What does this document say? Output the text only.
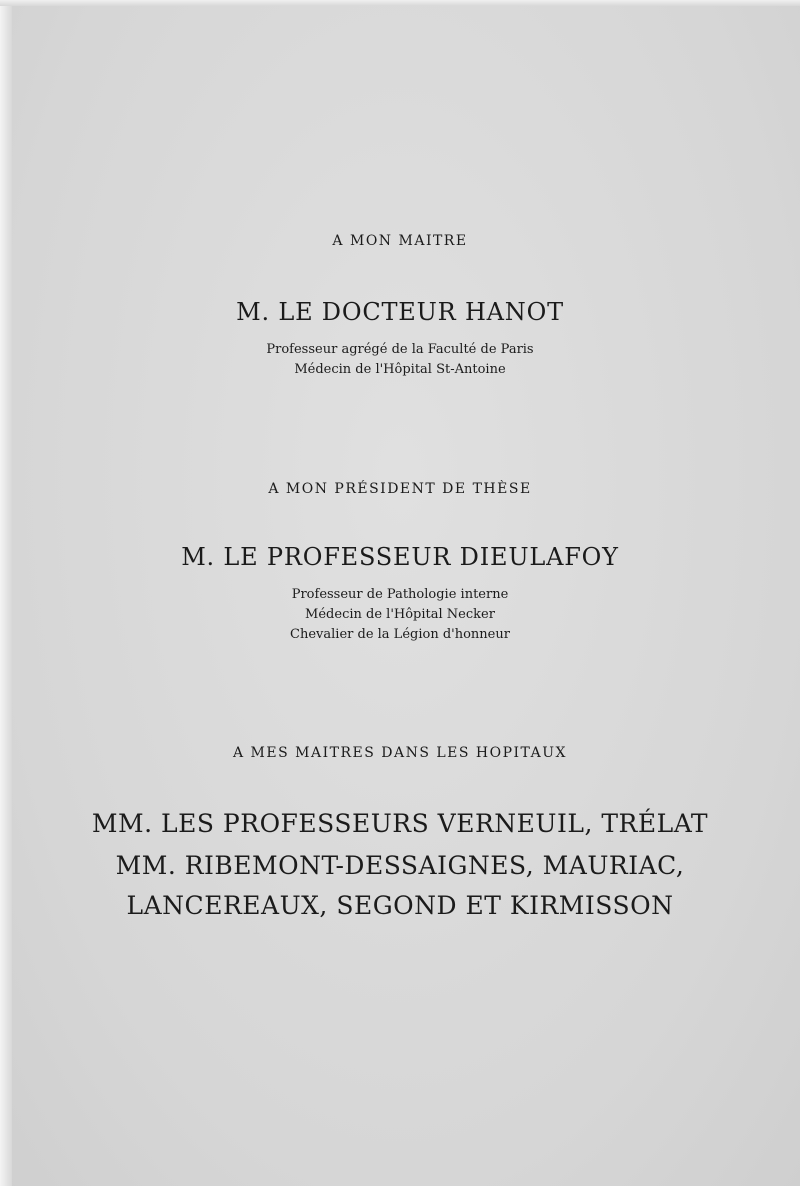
A MON MAITRE
M. LE DOCTEUR HANOT
Professeur agrégé de la Faculté de Paris
Médecin de l'Hôpital St-Antoine
A MON PRÉSIDENT DE THÈSE
M. LE PROFESSEUR DIEULAFOY
Professeur de Pathologie interne
Médecin de l'Hôpital Necker
Chevalier de la Légion d'honneur
A MES MAITRES DANS LES HOPITAUX
MM. LES PROFESSEURS VERNEUIL, TRÉLAT
MM. RIBEMONT-DESSAIGNES, MAURIAC,
LANCEREAUX, SEGOND ET KIRMISSON
